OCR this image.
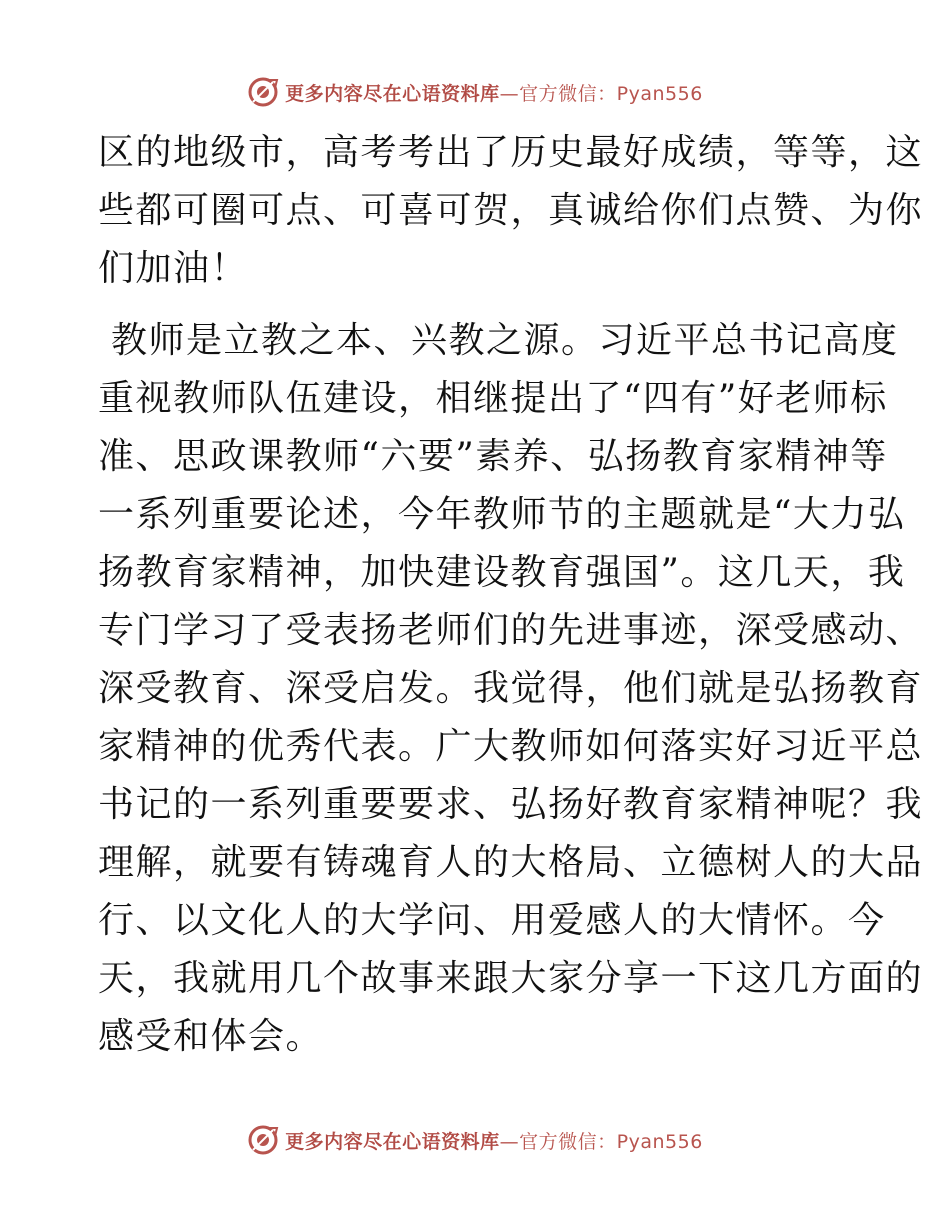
更多内容尽在心语资料库—官方微信：Pyan556

区的地级市，高考考出了历史最好成绩，等等，这
些都可圈可点、可喜可贺，真诚给你们点赞、为你
们加油！

教师是立教之本、兴教之源。习近平总书记高度
重视教师队伍建设，相继提出了“四有”好老师标
准、思政课教师“六要”素养、弘扬教育家精神等
一系列重要论述，今年教师节的主题就是“大力弘
扬教育家精神，加快建设教育强国”。这几天，我
专门学习了受表扬老师们的先进事迹，深受感动、
深受教育、深受启发。我觉得，他们就是弘扬教育
家精神的优秀代表。广大教师如何落实好习近平总
书记的一系列重要要求、弘扬好教育家精神呢？我
理解，就要有铸魂育人的大格局、立德树人的大品
行、以文化人的大学问、用爱感人的大情怀。今
天，我就用几个故事来跟大家分享一下这几方面的
感受和体会。

更多内容尽在心语资料库—官方微信：Pyan556
